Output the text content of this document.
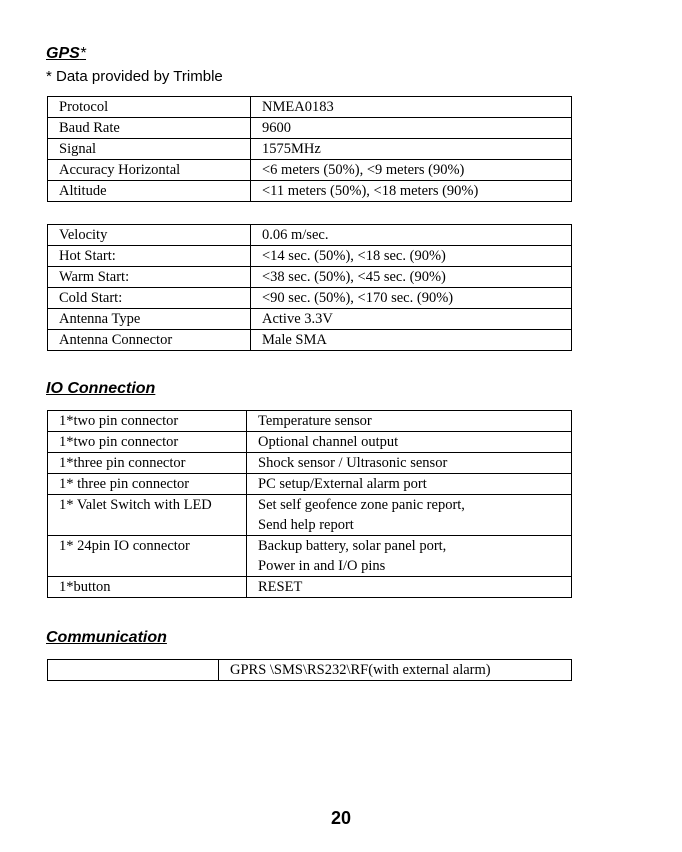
GPS*
* Data provided by Trimble
Protocol	NMEA0183
Baud Rate	9600
Signal	1575MHz
Accuracy Horizontal	<6 meters (50%), <9 meters (90%)
Altitude	<11 meters (50%), <18 meters (90%)
Velocity	0.06 m/sec.
Hot Start:	<14 sec. (50%), <18 sec. (90%)
Warm Start:	<38 sec. (50%), <45 sec. (90%)
Cold Start:	<90 sec. (50%), <170 sec. (90%)
Antenna Type	Active 3.3V
Antenna Connector	Male SMA
IO Connection
1*two pin connector	Temperature sensor
1*two pin connector	Optional channel output
1*three pin connector	Shock sensor / Ultrasonic sensor
1* three pin connector	PC setup/External alarm port
1* Valet Switch with LED	Set self geofence zone panic report,
Send help report

1* 24pin IO connector	Backup battery, solar panel port,
Power in and I/O pins

1*button	RESET
Communication
	GPRS \SMS\RS232\RF(with external alarm)
20
